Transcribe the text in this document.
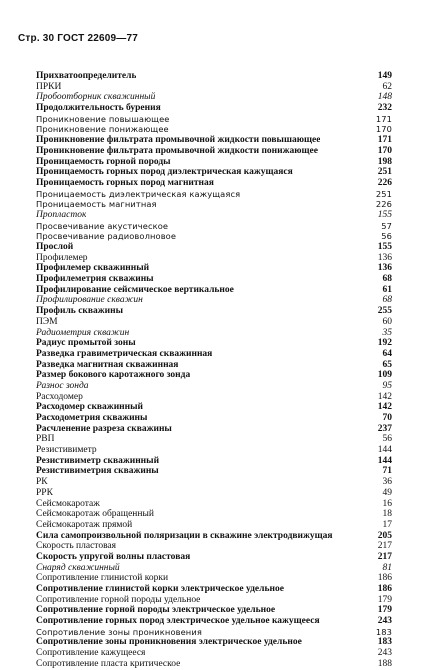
Стр. 30 ГОСТ 22609—77
Прихватоопределитель	149
ПРКИ	62
Пробоотборник скважинный	148
Продолжительность бурения	232
Проникновение повышающее	171
Проникновение понижающее	170
Проникновение фильтрата промывочной жидкости повышающее	171
Проникновение фильтрата промывочной жидкости понижающее	170
Проницаемость горной породы	198
Проницаемость горных пород диэлектрическая кажущаяся	251
Проницаемость горных пород магнитная	226
Проницаемость диэлектрическая кажущаяся	251
Проницаемость магнитная	226
Пропласток	155
Просвечивание акустическое	57
Просвечивание радиоволновое	56
Прослой	155
Профилемер	136
Профилемер скважинный	136
Профилеметрия скважины	68
Профилирование сейсмическое вертикальное	61
Профилирование скважин	68
Профиль скважины	255
ПЭМ	60
Радиометрия скважин	35
Радиус промытой зоны	192
Разведка гравиметрическая скважинная	64
Разведка магнитная скважинная	65
Размер бокового каротажного зонда	109
Разнос зонда	95
Расходомер	142
Расходомер скважинный	142
Расходометрия скважины	70
Расчленение разреза скважины	237
РВП	56
Резистивиметр	144
Резистивиметр скважинный	144
Резистивиметрия скважины	71
РК	36
РРК	49
Сейсмокаротаж	16
Сейсмокаротаж обращенный	18
Сейсмокаротаж прямой	17
Сила самопроизвольной поляризации в скважине электродвижущая	205
Скорость пластовая	217
Скорость упругой волны пластовая	217
Снаряд скважинный	81
Сопротивление глинистой корки	186
Сопротивление глинистой корки электрическое удельное	186
Сопротивление горной породы удельное	179
Сопротивление горной породы электрическое удельное	179
Сопротивление горных пород электрическое удельное кажущееся	243
Сопротивление зоны проникновения	183
Сопротивление зоны проникновения электрическое удельное	183
Сопротивление кажущееся	243
Сопротивление пласта критическое	188
